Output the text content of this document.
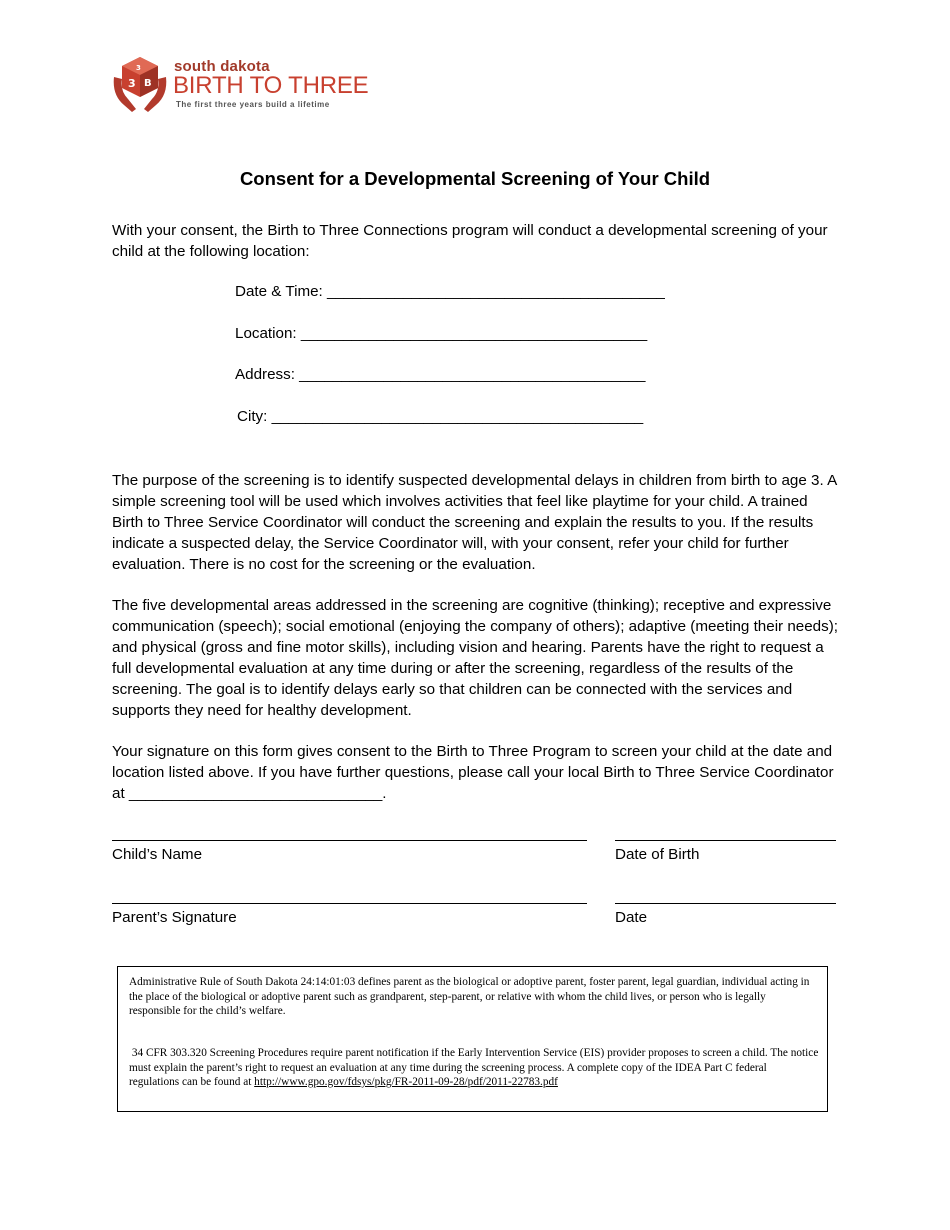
3 B
3 south dakota
BIRTH TO THREE
The first three years build a lifetime
Consent for a Developmental Screening of Your Child
With your consent, the Birth to Three Connections program will conduct a developmental screening of your child at the following location:
Date & Time: ________________________________________
Location: _________________________________________
Address: _________________________________________
City: ____________________________________________
The purpose of the screening is to identify suspected developmental delays in children from birth to age 3. A simple screening tool will be used which involves activities that feel like playtime for your child. A trained Birth to Three Service Coordinator will conduct the screening and explain the results to you. If the results indicate a suspected delay, the Service Coordinator will, with your consent, refer your child for further evaluation. There is no cost for the screening or the evaluation.
The five developmental areas addressed in the screening are cognitive (thinking); receptive and expressive communication (speech); social emotional (enjoying the company of others); adaptive (meeting their needs); and physical (gross and fine motor skills), including vision and hearing. Parents have the right to request a full developmental evaluation at any time during or after the screening, regardless of the results of the screening. The goal is to identify delays early so that children can be connected with the services and supports they need for healthy development.
Your signature on this form gives consent to the Birth to Three Program to screen your child at the date and location listed above. If you have further questions, please call your local Birth to Three Service Coordinator at ______________________________.
Child’s Name	Date of Birth
Parent’s Signature	Date

Administrative Rule of South Dakota 24:14:01:03 defines parent as the biological or adoptive parent, foster parent, legal guardian, individual acting in the place of the biological or adoptive parent such as grandparent, step-parent, or relative with whom the child lives, or person who is legally responsible for the child’s welfare.

34 CFR 303.320 Screening Procedures require parent notification if the Early Intervention Service (EIS) provider proposes to screen a child. The notice must explain the parent’s right to request an evaluation at any time during the screening process. A complete copy of the IDEA Part C federal regulations can be found at http://www.gpo.gov/fdsys/pkg/FR-2011-09-28/pdf/2011-22783.pdf
